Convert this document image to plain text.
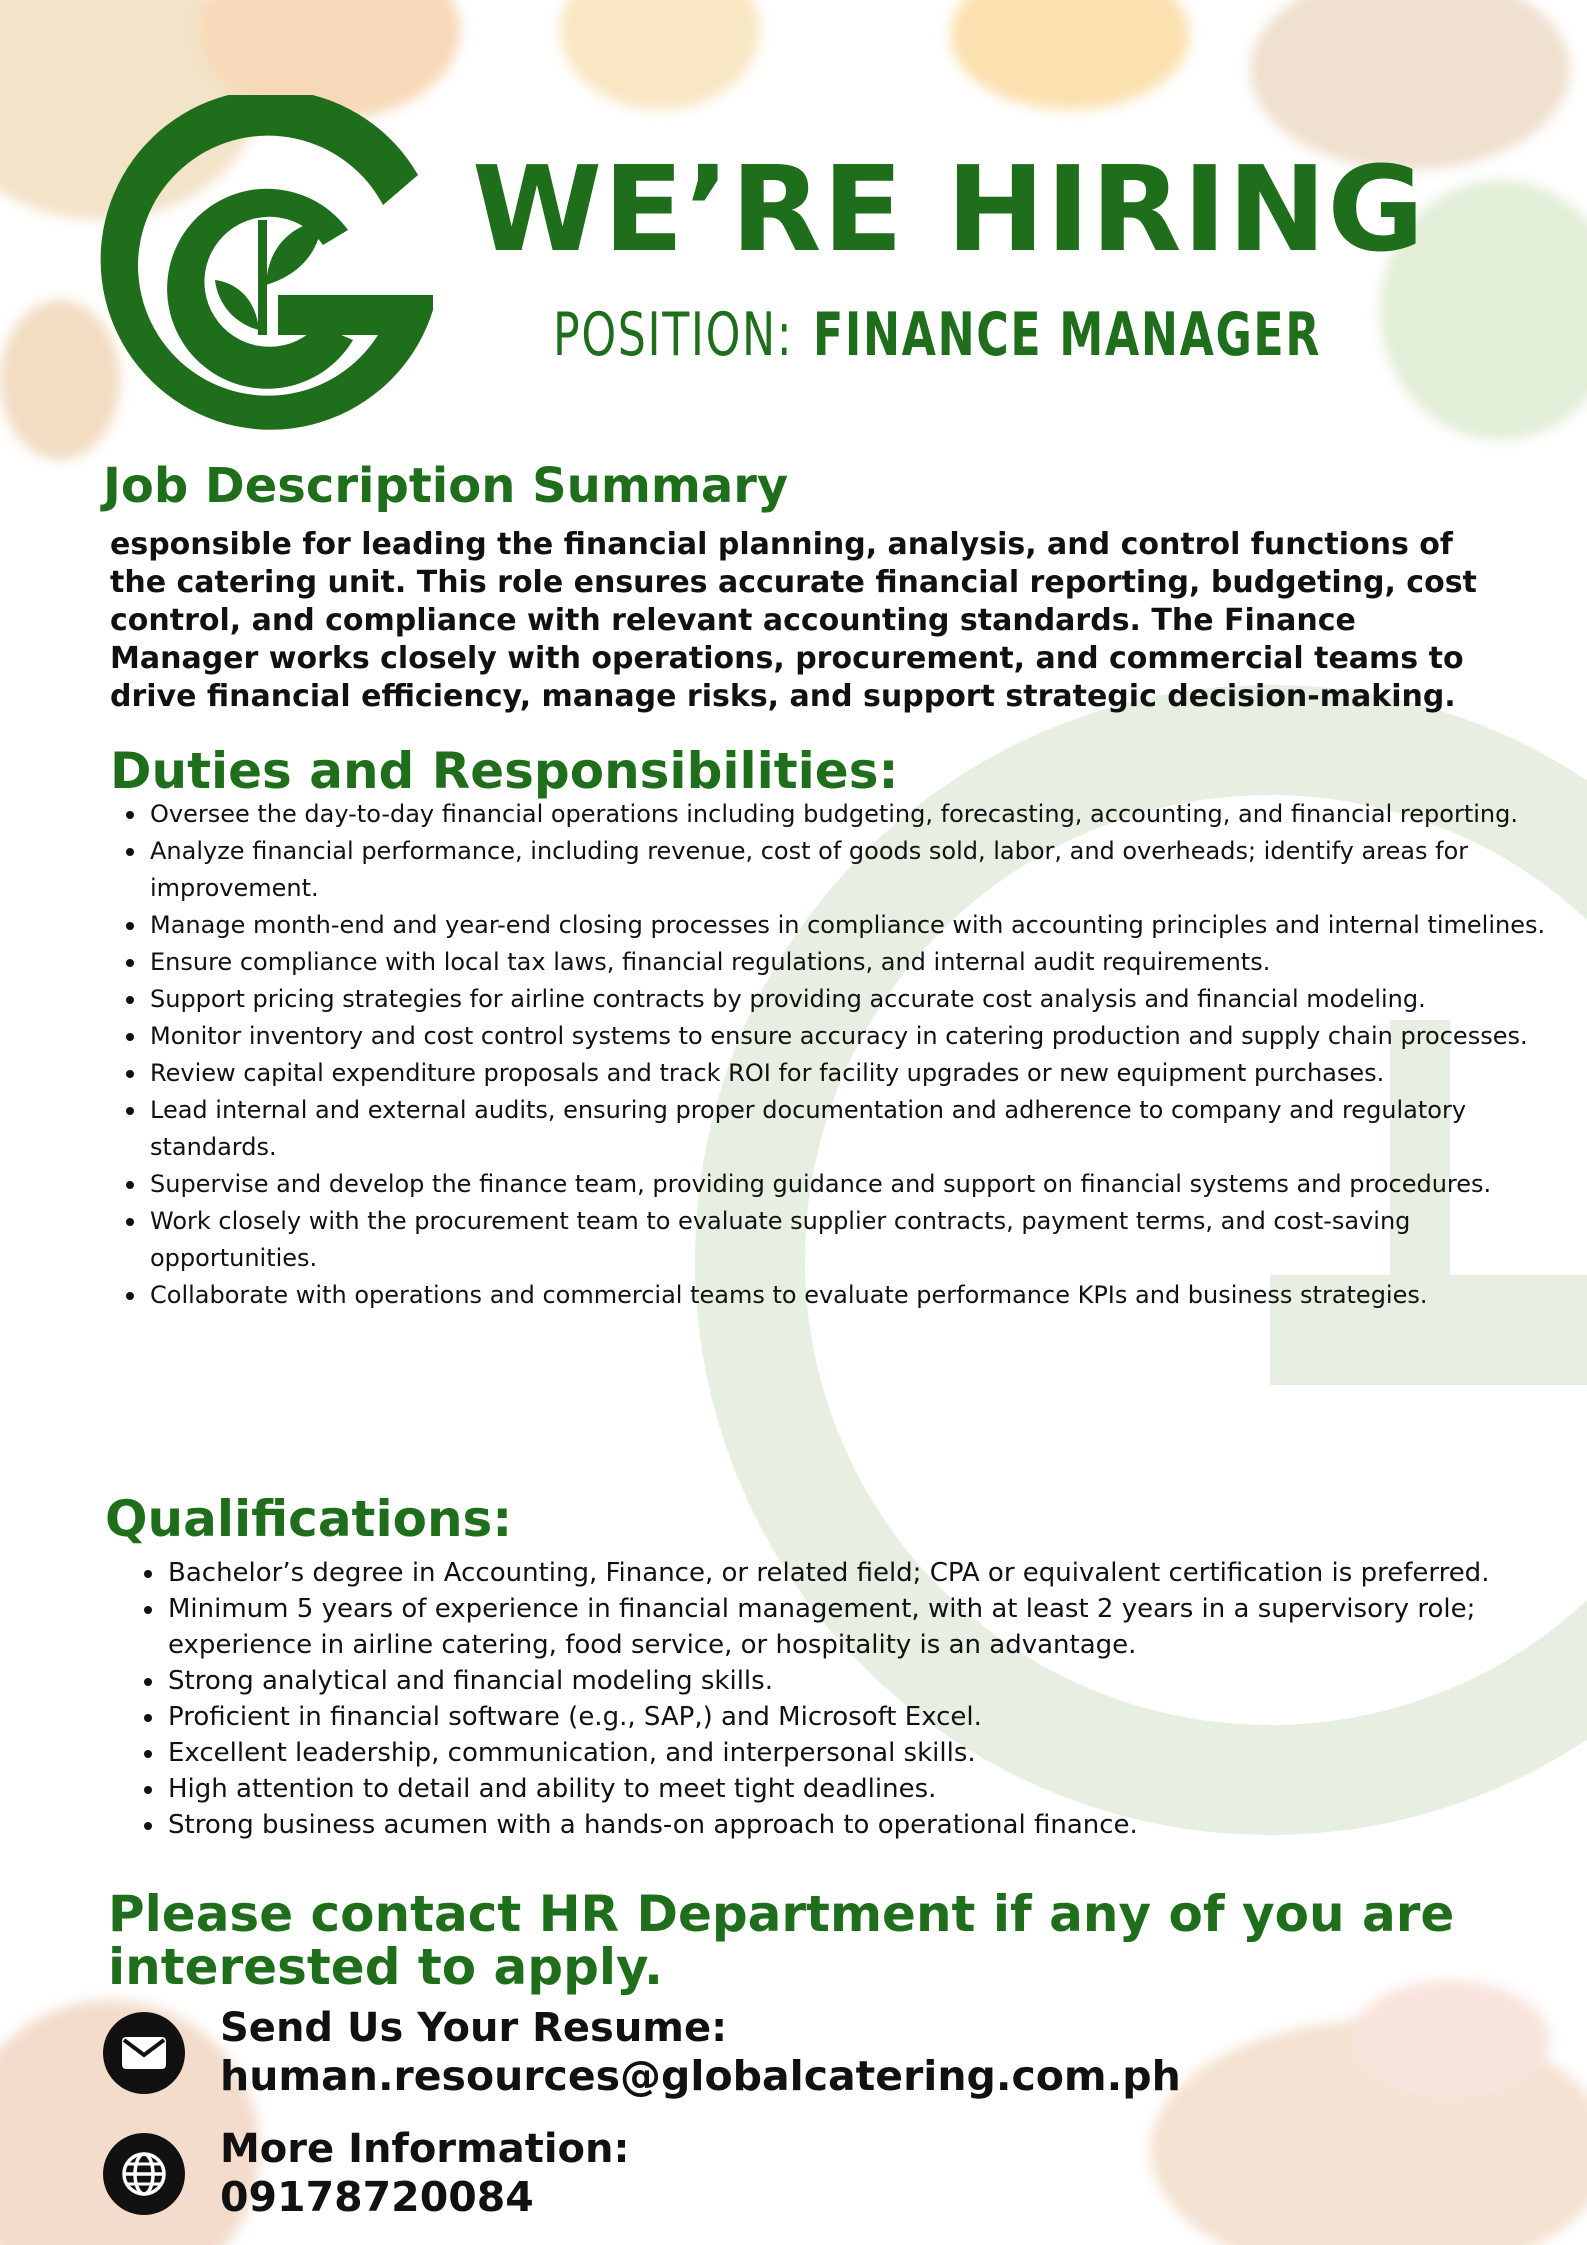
WE’RE HIRING
POSITION: FINANCE MANAGER
Job Description Summary

esponsible for leading the financial planning, analysis, and control functions of the catering unit. This role ensures accurate financial reporting, budgeting, cost control, and compliance with relevant accounting standards. The Finance Manager works closely with operations, procurement, and commercial teams to drive financial efficiency, manage risks, and support strategic decision-making.

Duties and Responsibilities:
Oversee the day-to-day financial operations including budgeting, forecasting, accounting, and financial reporting.
Analyze financial performance, including revenue, cost of goods sold, labor, and overheads; identify areas for improvement.
Manage month-end and year-end closing processes in compliance with accounting principles and internal timelines.
Ensure compliance with local tax laws, financial regulations, and internal audit requirements.
Support pricing strategies for airline contracts by providing accurate cost analysis and financial modeling.
Monitor inventory and cost control systems to ensure accuracy in catering production and supply chain processes.
Review capital expenditure proposals and track ROI for facility upgrades or new equipment purchases.
Lead internal and external audits, ensuring proper documentation and adherence to company and regulatory standards.
Supervise and develop the finance team, providing guidance and support on financial systems and procedures.
Work closely with the procurement team to evaluate supplier contracts, payment terms, and cost-saving opportunities.
Collaborate with operations and commercial teams to evaluate performance KPIs and business strategies.
Qualifications:
Bachelor’s degree in Accounting, Finance, or related field; CPA or equivalent certification is preferred.
Minimum 5 years of experience in financial management, with at least 2 years in a supervisory role; experience in airline catering, food service, or hospitality is an advantage.
Strong analytical and financial modeling skills.
Proficient in financial software (e.g., SAP,) and Microsoft Excel.
Excellent leadership, communication, and interpersonal skills.
High attention to detail and ability to meet tight deadlines.
Strong business acumen with a hands-on approach to operational finance.
Please contact HR Department if any of you are interested to apply.
Send Us Your Resume:
human.resources@globalcatering.com.ph
More Information:
09178720084
